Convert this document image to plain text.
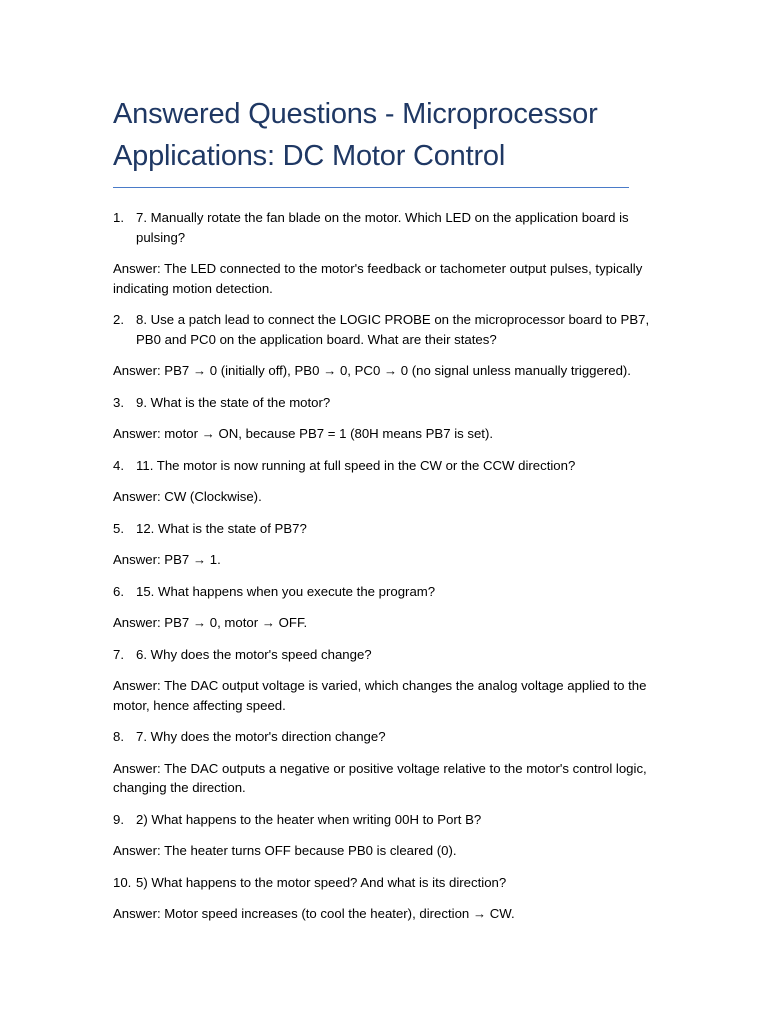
Answered Questions - Microprocessor Applications: DC Motor Control
1. 7. Manually rotate the fan blade on the motor. Which LED on the application board is pulsing?

Answer: The LED connected to the motor's feedback or tachometer output pulses, typically indicating motion detection.

2. 8. Use a patch lead to connect the LOGIC PROBE on the microprocessor board to PB7, PB0 and PC0 on the application board. What are their states?

Answer: PB7 → 0 (initially off), PB0 → 0, PC0 → 0 (no signal unless manually triggered).

3. 9. What is the state of the motor?

Answer: motor → ON, because PB7 = 1 (80H means PB7 is set).

4. 11. The motor is now running at full speed in the CW or the CCW direction?

Answer: CW (Clockwise).

5. 12. What is the state of PB7?

Answer: PB7 → 1.

6. 15. What happens when you execute the program?

Answer: PB7 → 0, motor → OFF.

7. 6. Why does the motor's speed change?

Answer: The DAC output voltage is varied, which changes the analog voltage applied to the motor, hence affecting speed.

8. 7. Why does the motor's direction change?

Answer: The DAC outputs a negative or positive voltage relative to the motor's control logic, changing the direction.

9. 2) What happens to the heater when writing 00H to Port B?

Answer: The heater turns OFF because PB0 is cleared (0).

10. 5) What happens to the motor speed? And what is its direction?

Answer: Motor speed increases (to cool the heater), direction → CW.
